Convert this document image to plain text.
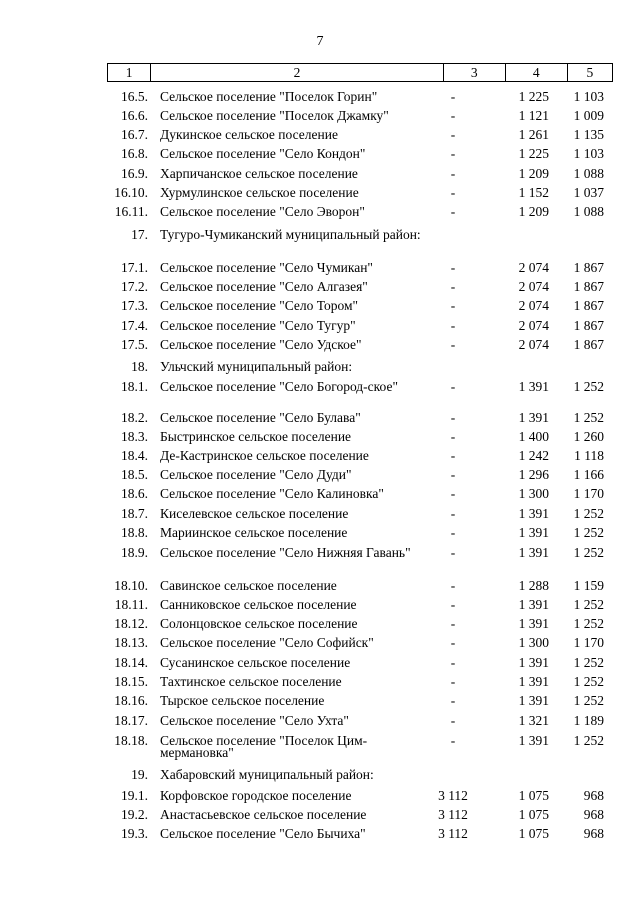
7
1	2	3	4	5
16.5. Сельское поселение "Поселок Горин"	-	1 225	1 103
16.6. Сельское поселение "Поселок Джамку"	-	1 121	1 009
16.7. Дукинское сельское поселение	-	1 261	1 135
16.8. Сельское поселение "Село Кондон"	-	1 225	1 103
16.9. Харпичанское сельское поселение	-	1 209	1 088
16.10. Хурмулинское сельское поселение	-	1 152	1 037
16.11. Сельское поселение "Село Эворон"	-	1 209	1 088
17. Тугуро-Чумиканский муниципальный район:
17.1. Сельское поселение "Село Чумикан"	-	2 074	1 867
17.2. Сельское поселение "Село Алгазея"	-	2 074	1 867
17.3. Сельское поселение "Село Тором"	-	2 074	1 867
17.4. Сельское поселение "Село Тугур"	-	2 074	1 867
17.5. Сельское поселение "Село Удское"	-	2 074	1 867
18. Ульчский муниципальный район:
18.1. Сельское поселение "Село Богород-ское"	-	1 391	1 252
18.2. Сельское поселение "Село Булава"	-	1 391	1 252
18.3. Быстринское сельское поселение	-	1 400	1 260
18.4. Де-Кастринское сельское поселение	-	1 242	1 118
18.5. Сельское поселение "Село Дуди"	-	1 296	1 166
18.6. Сельское поселение "Село Калиновка"	-	1 300	1 170
18.7. Киселевское сельское поселение	-	1 391	1 252
18.8. Мариинское сельское поселение	-	1 391	1 252
18.9. Сельское поселение "Село Нижняя Гавань"	-	1 391	1 252
18.10. Савинское сельское поселение	-	1 288	1 159
18.11. Санниковское сельское поселение	-	1 391	1 252
18.12. Солонцовское сельское поселение	-	1 391	1 252
18.13. Сельское поселение "Село Софийск"	-	1 300	1 170
18.14. Сусанинское сельское поселение	-	1 391	1 252
18.15. Тахтинское сельское поселение	-	1 391	1 252
18.16. Тырское сельское поселение	-	1 391	1 252
18.17. Сельское поселение "Село Ухта"	-	1 321	1 189
18.18. Сельское поселение "Поселок Цим-мермановка"
-	1 391	1 252
19. Хабаровский муниципальный район:
19.1. Корфовское городское поселение	3 112	1 075	968
19.2. Анастасьевское сельское поселение	3 112	1 075	968
19.3. Сельское поселение "Село Бычиха"	3 112	1 075	968
